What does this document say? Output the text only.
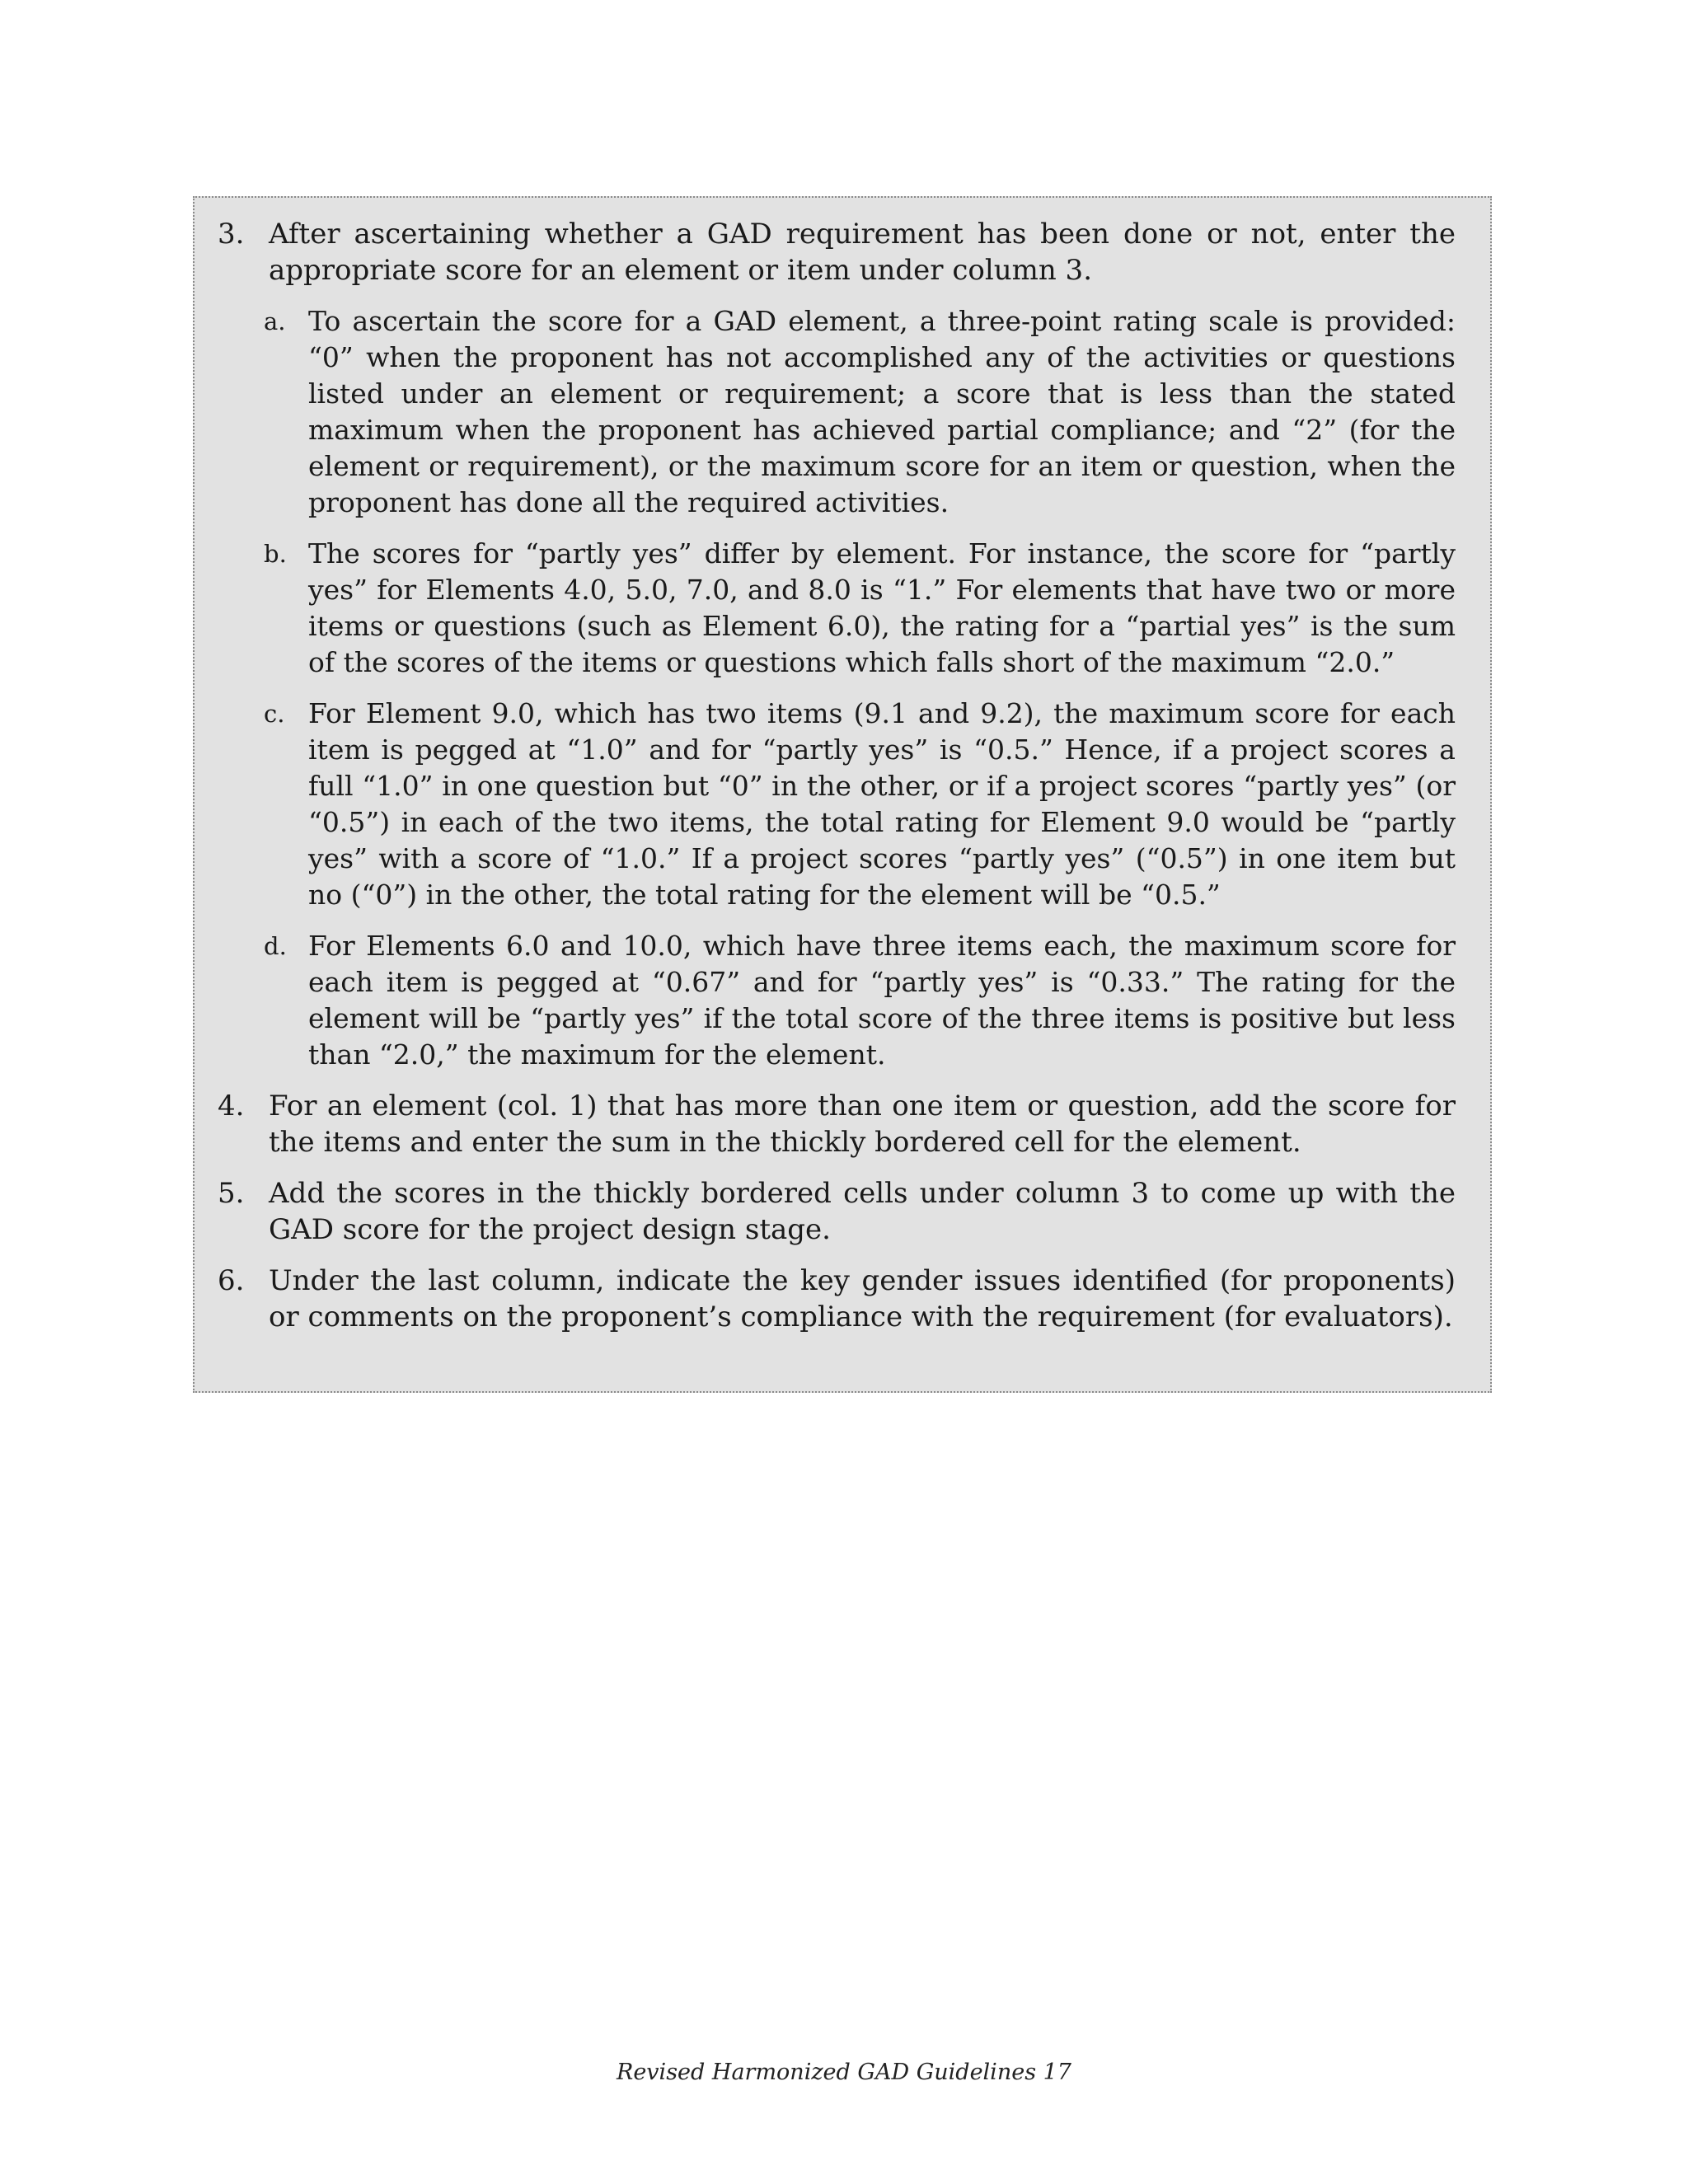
3. After ascertaining whether a GAD requirement has been done or not, enter the appropriate score for an element or item under column 3.
a. To ascertain the score for a GAD element, a three-point rating scale is provided: “0” when the proponent has not accomplished any of the activities or questions listed under an element or requirement; a score that is less than the stated maximum when the proponent has achieved partial compliance; and “2” (for the element or requirement), or the maximum score for an item or question, when the proponent has done all the required activities.
b. The scores for “partly yes” differ by element. For instance, the score for “partly yes” for Elements 4.0, 5.0, 7.0, and 8.0 is “1.” For elements that have two or more items or questions (such as Element 6.0), the rating for a “partial yes” is the sum of the scores of the items or questions which falls short of the maximum “2.0.”
c. For Element 9.0, which has two items (9.1 and 9.2), the maximum score for each item is pegged at “1.0” and for “partly yes” is “0.5.” Hence, if a project scores a full “1.0” in one question but “0” in the other, or if a project scores “partly yes” (or “0.5”) in each of the two items, the total rating for Element 9.0 would be “partly yes” with a score of “1.0.” If a project scores “partly yes” (“0.5”) in one item but no (“0”) in the other, the total rating for the element will be “0.5.”
d. For Elements 6.0 and 10.0, which have three items each, the maximum score for each item is pegged at “0.67” and for “partly yes” is “0.33.” The rating for the element will be “partly yes” if the total score of the three items is positive but less than “2.0,” the maximum for the element.
4. For an element (col. 1) that has more than one item or question, add the score for the items and enter the sum in the thickly bordered cell for the element.
5. Add the scores in the thickly bordered cells under column 3 to come up with the GAD score for the project design stage.
6. Under the last column, indicate the key gender issues identified (for proponents) or comments on the proponent’s compliance with the requirement (for evaluators).
Revised Harmonized GAD Guidelines 17
